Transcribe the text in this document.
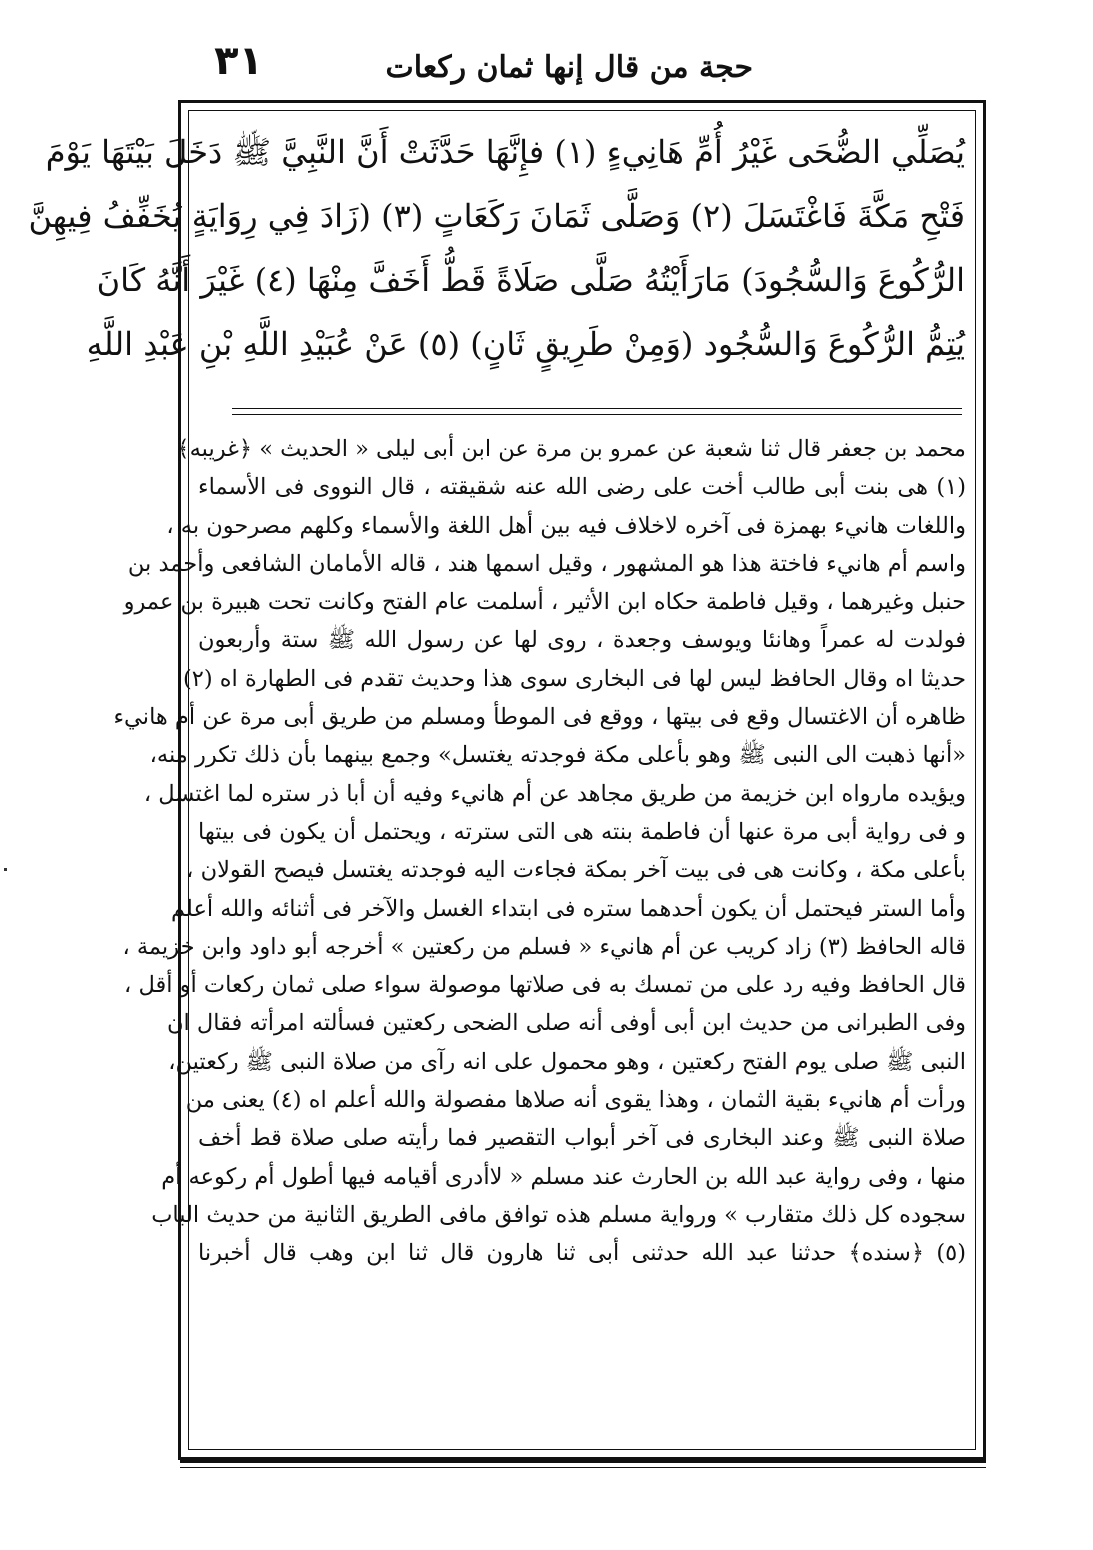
٣١	حجة من قال إنها ثمان ركعات
يُصَلِّي الضُّحَى غَيْرُ أُمِّ هَانِيءٍ (١) فإِنَّهَا حَدَّثَتْ أَنَّ النَّبِيَّ ﷺ دَخَلَ بَيْتَهَا يَوْمَ
فَتْحِ مَكَّةَ فَاغْتَسَلَ (٢) وَصَلَّى ثَمَانَ رَكَعَاتٍ (٣) (زَادَ فِي رِوَايَةٍ يُخَفِّفُ فِيهِنَّ
الرُّكُوعَ وَالسُّجُودَ) مَارَأَيْتُهُ صَلَّى صَلَاةً قَطُّ أَخَفَّ مِنْهَا (٤) غَيْرَ أَنَّهُ كَانَ
يُتِمُّ الرُّكُوعَ وَالسُّجُود (وَمِنْ طَرِيقٍ ثَانٍ) (٥) عَنْ عُبَيْدِ اللَّهِ بْنِ عَبْدِ اللَّهِ
محمد بن جعفر قال ثنا شعبة عن عمرو بن مرة عن ابن أبى ليلى « الحديث » ﴿غريبه﴾
(١) هى بنت أبى طالب أخت على رضى الله عنه شقيقته ، قال النووى فى الأسماء
واللغات هانيء بهمزة فى آخره لاخلاف فيه بين أهل اللغة والأسماء وكلهم مصرحون به ،
واسم أم هانيء فاختة هذا هو المشهور ، وقيل اسمها هند ، قاله الأمامان الشافعى وأحمد بن
حنبل وغيرهما ، وقيل فاطمة حكاه ابن الأثير ، أسلمت عام الفتح وكانت تحت هبيرة بن عمرو
فولدت له عمراً وهانئا ويوسف وجعدة ، روى لها عن رسول الله ﷺ ستة وأربعون
حديثا اه وقال الحافظ ليس لها فى البخارى سوى هذا وحديث تقدم فى الطهارة اه (٢)
ظاهره أن الاغتسال وقع فى بيتها ، ووقع فى الموطأ ومسلم من طريق أبى مرة عن أم هانيء
«أنها ذهبت الى النبى ﷺ وهو بأعلى مكة فوجدته يغتسل» وجمع بينهما بأن ذلك تكرر منه،
ويؤيده مارواه ابن خزيمة من طريق مجاهد عن أم هانيء وفيه أن أبا ذر ستره لما اغتسل ،
و فى رواية أبى مرة عنها أن فاطمة بنته هى التى سترته ، ويحتمل أن يكون فى بيتها
بأعلى مكة ، وكانت هى فى بيت آخر بمكة فجاءت اليه فوجدته يغتسل فيصح القولان ،
وأما الستر فيحتمل أن يكون أحدهما ستره فى ابتداء الغسل والآخر فى أثنائه والله أعلم
قاله الحافظ (٣) زاد كريب عن أم هانيء « فسلم من ركعتين » أخرجه أبو داود وابن خزيمة ،
قال الحافظ وفيه رد على من تمسك به فى صلاتها موصولة سواء صلى ثمان ركعات أو أقل ،
وفى الطبرانى من حديث ابن أبى أوفى أنه صلى الضحى ركعتين فسألته امرأته فقال ان
النبى ﷺ صلى يوم الفتح ركعتين ، وهو محمول على انه رآى من صلاة النبى ﷺ ركعتين،
ورأت أم هانيء بقية الثمان ، وهذا يقوى أنه صلاها مفصولة والله أعلم اه (٤) يعنى من
صلاة النبى ﷺ وعند البخارى فى آخر أبواب التقصير فما رأيته صلى صلاة قط أخف
منها ، وفى رواية عبد الله بن الحارث عند مسلم « لاأدرى أقيامه فيها أطول أم ركوعه أم
سجوده كل ذلك متقارب » ورواية مسلم هذه توافق مافى الطريق الثانية من حديث الباب
(٥) ﴿سنده﴾ حدثنا عبد الله حدثنى أبى ثنا هارون قال ثنا ابن وهب قال أخبرنا
